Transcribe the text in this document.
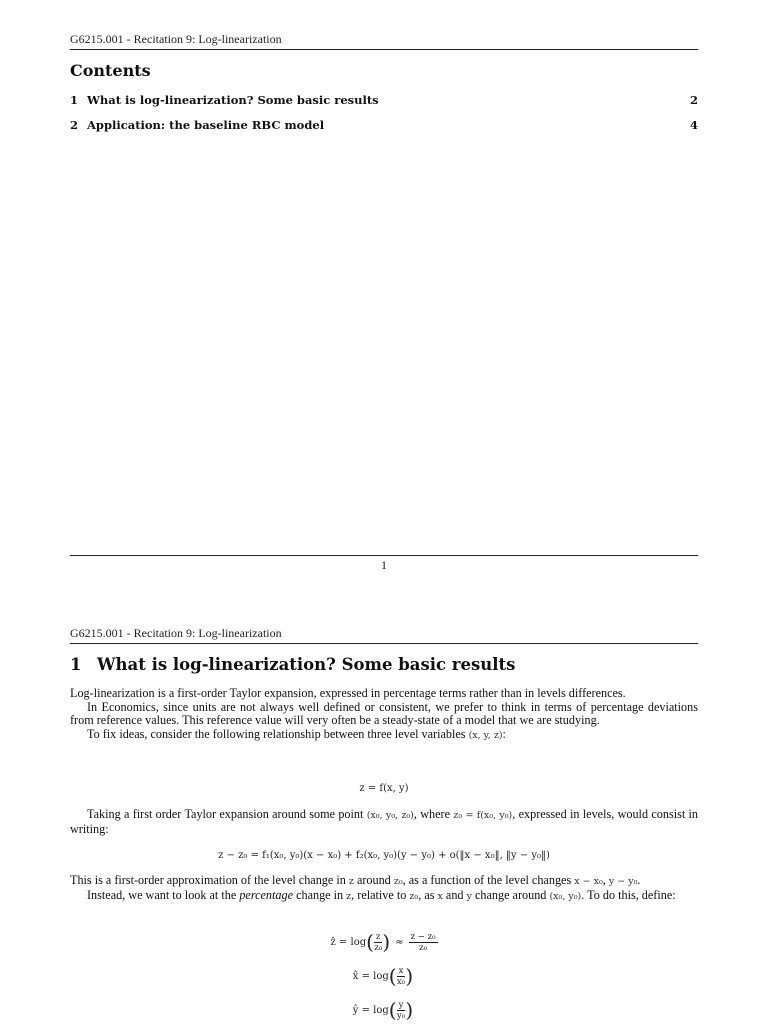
G6215.001 - Recitation 9: Log-linearization
Contents
1 What is log-linearization? Some basic results	2
2 Application: the baseline RBC model	4
1
G6215.001 - Recitation 9: Log-linearization
1 What is log-linearization? Some basic results
Log-linearization is a first-order Taylor expansion, expressed in percentage terms rather than in levels differences.
In Economics, since units are not always well defined or consistent, we prefer to think in terms of percentage deviations from reference values. This reference value will very often be a steady-state of a model that we are studying.
To fix ideas, consider the following relationship between three level variables (x, y, z):
z = f(x, y)
Taking a first order Taylor expansion around some point (x₀, y₀, z₀), where z₀ = f(x₀, y₀), expressed in levels, would consist in writing:
z − z₀ = f₁(x₀, y₀)(x − x₀) + f₂(x₀, y₀)(y − y₀) + o(‖x − x₀‖, ‖y − y₀‖)
This is a first-order approximation of the level change in z around z₀, as a function of the level changes x − x₀, y − y₀.
Instead, we want to look at the percentage change in z, relative to z₀, as x and y change around (x₀, y₀). To do this, define:
ẑ = log ( $\frac{z}{\text{z₀}}$ ) ≈ $\frac{\text{z − z₀}}{\text{z₀}}$
x̂ = log ( $\frac{x}{\text{x₀}}$ )
ŷ = log ( $\frac{y}{\text{y₀}}$ )
